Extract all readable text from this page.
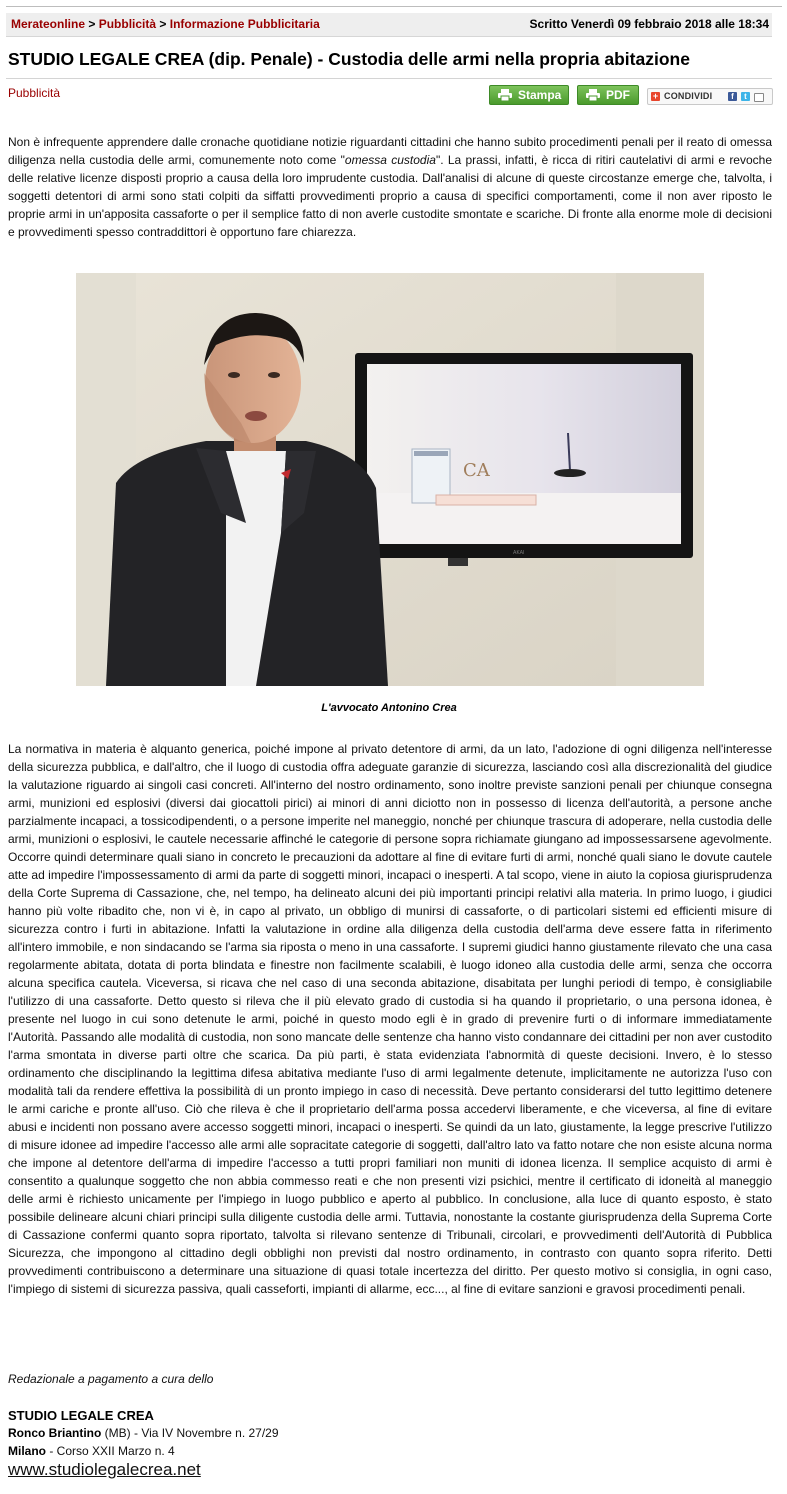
Merateonline > Pubblicità > Informazione Pubblicitaria	Scritto Venerdì 09 febbraio 2018 alle 18:34
STUDIO LEGALE CREA (dip. Penale) - Custodia delle armi nella propria abitazione
Pubblicità	Stampa	PDF	+ CONDIVIDI	f	t

Non è infrequente apprendere dalle cronache quotidiane notizie riguardanti cittadini che hanno subito procedimenti penali per il reato di omessa diligenza nella custodia delle armi, comunemente noto come "omessa custodia". La prassi, infatti, è ricca di ritiri cautelativi di armi e revoche delle relative licenze disposti proprio a causa della loro imprudente custodia. Dall'analisi di alcune di queste circostanze emerge che, talvolta, i soggetti detentori di armi sono stati colpiti da siffatti provvedimenti proprio a causa di specifici comportamenti, come il non aver riposto le proprie armi in un'apposita cassaforte o per il semplice fatto di non averle custodite smontate e scariche. Di fronte alla enorme mole di decisioni e provvedimenti spesso contraddittori è opportuno fare chiarezza.

CA
AKAI
L'avvocato Antonino Crea

La normativa in materia è alquanto generica, poiché impone al privato detentore di armi, da un lato, l'adozione di ogni diligenza nell'interesse della sicurezza pubblica, e dall'altro, che il luogo di custodia offra adeguate garanzie di sicurezza, lasciando così alla discrezionalità del giudice la valutazione riguardo ai singoli casi concreti. All'interno del nostro ordinamento, sono inoltre previste sanzioni penali per chiunque consegna armi, munizioni ed esplosivi (diversi dai giocattoli pirici) ai minori di anni diciotto non in possesso di licenza dell'autorità, a persone anche parzialmente incapaci, a tossicodipendenti, o a persone imperite nel maneggio, nonché per chiunque trascura di adoperare, nella custodia delle armi, munizioni o esplosivi, le cautele necessarie affinché le categorie di persone sopra richiamate giungano ad impossessarsene agevolmente. Occorre quindi determinare quali siano in concreto le precauzioni da adottare al fine di evitare furti di armi, nonché quali siano le dovute cautele atte ad impedire l'impossessamento di armi da parte di soggetti minori, incapaci o inesperti. A tal scopo, viene in aiuto la copiosa giurisprudenza della Corte Suprema di Cassazione, che, nel tempo, ha delineato alcuni dei più importanti principi relativi alla materia. In primo luogo, i giudici hanno più volte ribadito che, non vi è, in capo al privato, un obbligo di munirsi di cassaforte, o di particolari sistemi ed efficienti misure di sicurezza contro i furti in abitazione. Infatti la valutazione in ordine alla diligenza della custodia dell'arma deve essere fatta in riferimento all'intero immobile, e non sindacando se l'arma sia riposta o meno in una cassaforte. I supremi giudici hanno giustamente rilevato che una casa regolarmente abitata, dotata di porta blindata e finestre non facilmente scalabili, è luogo idoneo alla custodia delle armi, senza che occorra alcuna specifica cautela. Viceversa, si ricava che nel caso di una seconda abitazione, disabitata per lunghi periodi di tempo, è consigliabile l'utilizzo di una cassaforte. Detto questo si rileva che il più elevato grado di custodia si ha quando il proprietario, o una persona idonea, è presente nel luogo in cui sono detenute le armi, poiché in questo modo egli è in grado di prevenire furti o di informare immediatamente l'Autorità. Passando alle modalità di custodia, non sono mancate delle sentenze cha hanno visto condannare dei cittadini per non aver custodito l'arma smontata in diverse parti oltre che scarica. Da più parti, è stata evidenziata l'abnormità di queste decisioni. Invero, è lo stesso ordinamento che disciplinando la legittima difesa abitativa mediante l'uso di armi legalmente detenute, implicitamente ne autorizza l'uso con modalità tali da rendere effettiva la possibilità di un pronto impiego in caso di necessità. Deve pertanto considerarsi del tutto legittimo detenere le armi cariche e pronte all'uso. Ciò che rileva è che il proprietario dell'arma possa accedervi liberamente, e che viceversa, al fine di evitare abusi e incidenti non possano avere accesso soggetti minori, incapaci o inesperti. Se quindi da un lato, giustamente, la legge prescrive l'utilizzo di misure idonee ad impedire l'accesso alle armi alle sopracitate categorie di soggetti, dall'altro lato va fatto notare che non esiste alcuna norma che impone al detentore dell'arma di impedire l'accesso a tutti propri familiari non muniti di idonea licenza. Il semplice acquisto di armi è consentito a qualunque soggetto che non abbia commesso reati e che non presenti vizi psichici, mentre il certificato di idoneità al maneggio delle armi è richiesto unicamente per l'impiego in luogo pubblico e aperto al pubblico. In conclusione, alla luce di quanto esposto, è stato possibile delineare alcuni chiari principi sulla diligente custodia delle armi. Tuttavia, nonostante la costante giurisprudenza della Suprema Corte di Cassazione confermi quanto sopra riportato, talvolta si rilevano sentenze di Tribunali, circolari, e provvedimenti dell'Autorità di Pubblica Sicurezza, che impongono al cittadino degli obblighi non previsti dal nostro ordinamento, in contrasto con quanto sopra riferito. Detti provvedimenti contribuiscono a determinare una situazione di quasi totale incertezza del diritto. Per questo motivo si consiglia, in ogni caso, l'impiego di sistemi di sicurezza passiva, quali casseforti, impianti di allarme, ecc..., al fine di evitare sanzioni e gravosi procedimenti penali.

Redazionale a pagamento a cura dello
STUDIO LEGALE CREA
Ronco Briantino (MB) - Via IV Novembre n. 27/29
Milano - Corso XXII Marzo n. 4
www.studiolegalecrea.net
